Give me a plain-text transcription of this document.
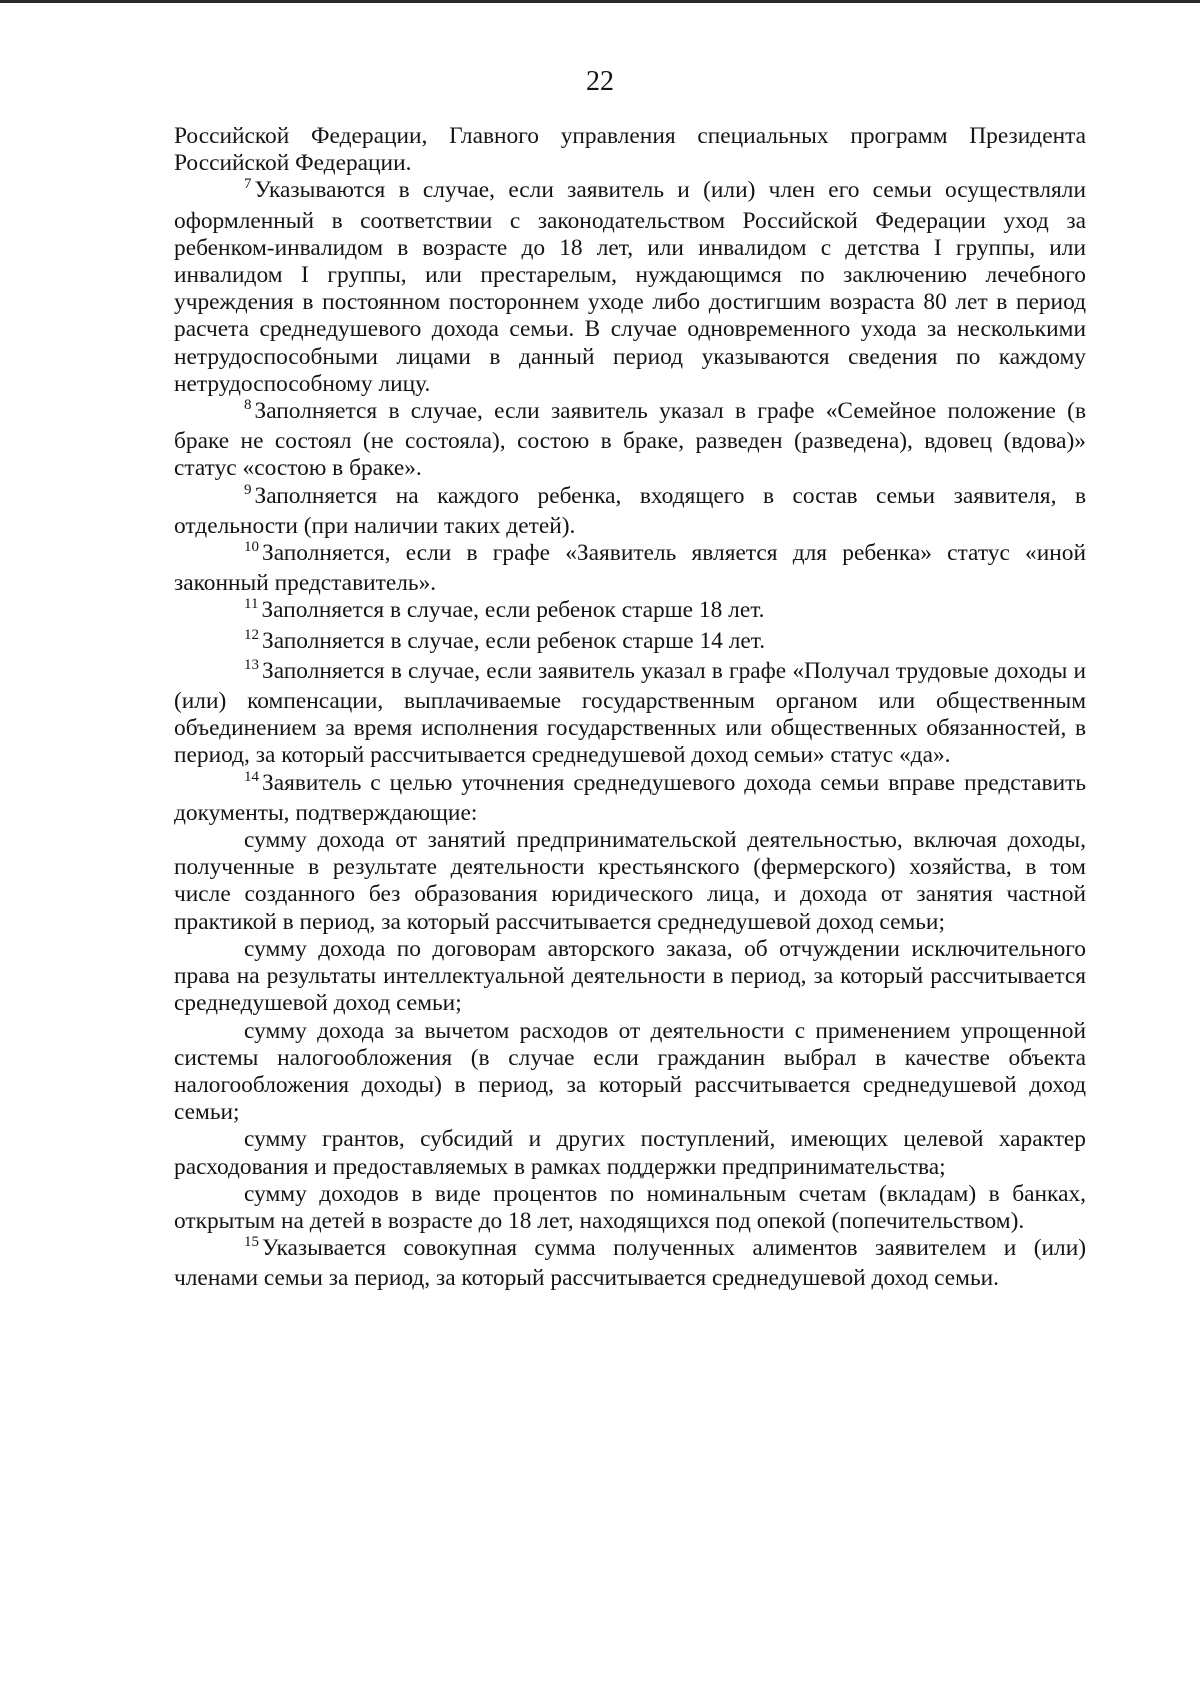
22

Российской Федерации, Главного управления специальных программ Президента Российской Федерации.

$^7$ Указываются в случае, если заявитель и (или) член его семьи осуществляли оформленный в соответствии с законодательством Российской Федерации уход за ребенком-инвалидом в возрасте до 18 лет, или инвалидом с детства I группы, или инвалидом I группы, или престарелым, нуждающимся по заключению лечебного учреждения в постоянном постороннем уходе либо достигшим возраста 80 лет в период расчета среднедушевого дохода семьи. В случае одновременного ухода за несколькими нетрудоспособными лицами в данный период указываются сведения по каждому нетрудоспособному лицу.

$^8$ Заполняется в случае, если заявитель указал в графе «Семейное положение (в браке не состоял (не состояла), состою в браке, разведен (разведена), вдовец (вдова)» статус «состою в браке».

$^9$ Заполняется на каждого ребенка, входящего в состав семьи заявителя, в отдельности (при наличии таких детей).

$^{10}$ Заполняется, если в графе «Заявитель является для ребенка» статус «иной законный представитель».

$^{11}$ Заполняется в случае, если ребенок старше 18 лет.

$^{12}$ Заполняется в случае, если ребенок старше 14 лет.

$^{13}$ Заполняется в случае, если заявитель указал в графе «Получал трудовые доходы и (или) компенсации, выплачиваемые государственным органом или общественным объединением за время исполнения государственных или общественных обязанностей, в период, за который рассчитывается среднедушевой доход семьи» статус «да».

$^{14}$ Заявитель с целью уточнения среднедушевого дохода семьи вправе представить документы, подтверждающие:

сумму дохода от занятий предпринимательской деятельностью, включая доходы, полученные в результате деятельности крестьянского (фермерского) хозяйства, в том числе созданного без образования юридического лица, и дохода от занятия частной практикой в период, за который рассчитывается среднедушевой доход семьи;

сумму дохода по договорам авторского заказа, об отчуждении исключительного права на результаты интеллектуальной деятельности в период, за который рассчитывается среднедушевой доход семьи;

сумму дохода за вычетом расходов от деятельности с применением упрощенной системы налогообложения (в случае если гражданин выбрал в качестве объекта налогообложения доходы) в период, за который рассчитывается среднедушевой доход семьи;

сумму грантов, субсидий и других поступлений, имеющих целевой характер расходования и предоставляемых в рамках поддержки предпринимательства;

сумму доходов в виде процентов по номинальным счетам (вкладам) в банках, открытым на детей в возрасте до 18 лет, находящихся под опекой (попечительством).

$^{15}$ Указывается совокупная сумма полученных алиментов заявителем и (или) членами семьи за период, за который рассчитывается среднедушевой доход семьи.
